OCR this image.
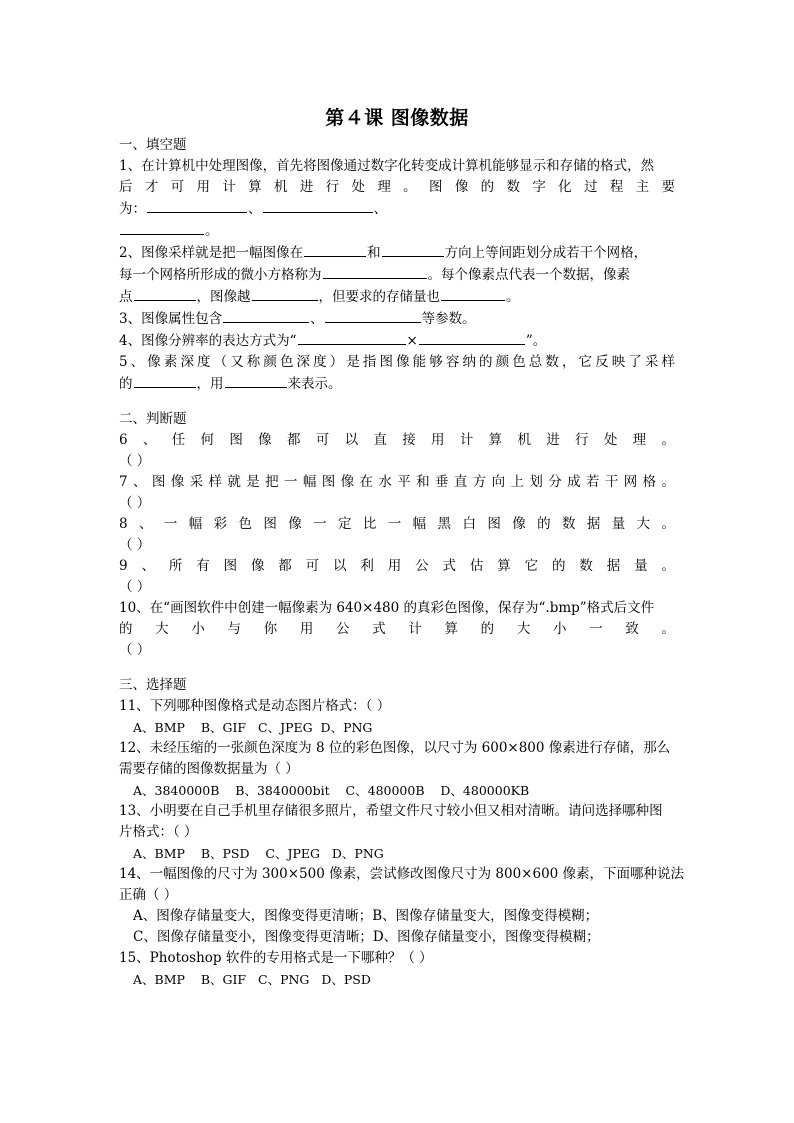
第４课 图像数据
一、填空题
1、在计算机中处理图像，首先将图像通过数字化转变成计算机能够显示和存储的格式，然
后才可用计算机进行处理。图像的数字化过程主要
为：	、	、
。
2、图像采样就是把一幅图像在	和	方向上等间距划分成若干个网格，
每一个网格所形成的微小方格称为	。每个像素点代表一个数据，像素
点	，图像越	，但要求的存储量也	。
3、图像属性包含	、	等参数。
4、图像分辨率的表达方式为“	×	”。
5、像素深度（又称颜色深度）是指图像能够容纳的颜色总数，它反映了采样
的	，用	来表示。
二、判断题
6、任何图像都可以直接用计算机进行处理。
（ ）
7、图像采样就是把一幅图像在水平和垂直方向上划分成若干网格。
（ ）
8、一幅彩色图像一定比一幅黑白图像的数据量大。
（ ）
9、所有图像都可以利用公式估算它的数据量。
（ ）
10、在“画图软件中创建一幅像素为 640×480 的真彩色图像，保存为“.bmp”格式后文件
的大小与你用公式计算的大小一致。
（ ）
三、选择题
11、下列哪种图像格式是动态图片格式：（ ）
A、BMP    B、GIF   C、JPEG  D、PNG
12、未经压缩的一张颜色深度为 8 位的彩色图像，以尺寸为 600×800 像素进行存储，那么
需要存储的图像数据量为（ ）
A、3840000B    B、3840000bit    C、480000B    D、480000KB
13、小明要在自己手机里存储很多照片，希望文件尺寸较小但又相对清晰。请问选择哪种图
片格式：（ ）
A、BMP    B、PSD    C、JPEG   D、PNG
14、一幅图像的尺寸为 300×500 像素，尝试修改图像尺寸为 800×600 像素，下面哪种说法
正确（ ）
A、图像存储量变大，图像变得更清晰；B、图像存储量变大，图像变得模糊；
C、图像存储量变小，图像变得更清晰；D、图像存储量变小，图像变得模糊；
15、Photoshop 软件的专用格式是一下哪种？（ ）
A、BMP    B、GIF   C、PNG   D、PSD
